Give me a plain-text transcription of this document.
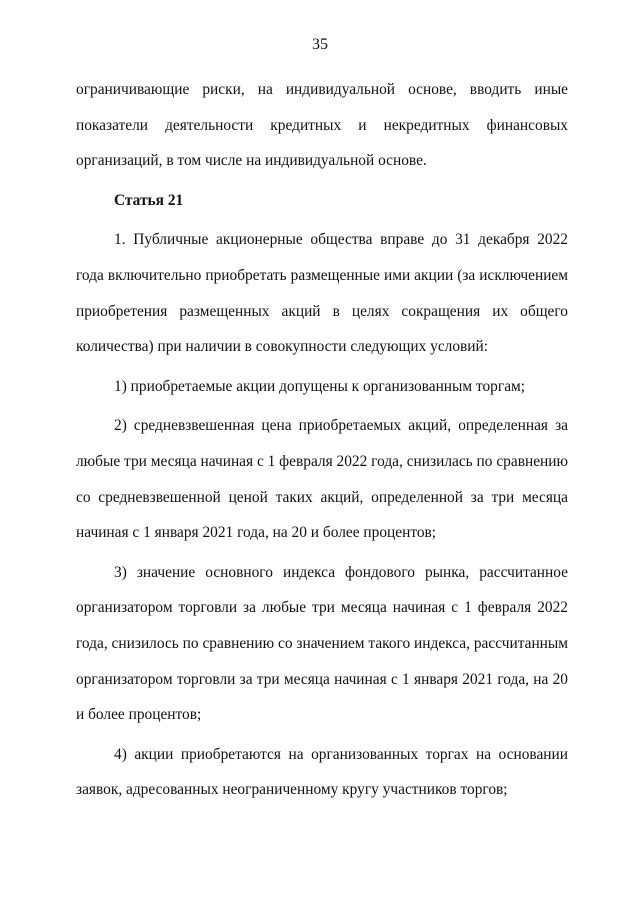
35

ограничивающие риски, на индивидуальной основе, вводить иные показатели деятельности кредитных и некредитных финансовых организаций, в том числе на индивидуальной основе.

Статья 21

1. Публичные акционерные общества вправе до 31 декабря 2022 года включительно приобретать размещенные ими акции (за исключением приобретения размещенных акций в целях сокращения их общего количества) при наличии в совокупности следующих условий:

1) приобретаемые акции допущены к организованным торгам;

2) средневзвешенная цена приобретаемых акций, определенная за любые три месяца начиная с 1 февраля 2022 года, снизилась по сравнению со средневзвешенной ценой таких акций, определенной за три месяца начиная с 1 января 2021 года, на 20 и более процентов;

3) значение основного индекса фондового рынка, рассчитанное организатором торговли за любые три месяца начиная с 1 февраля 2022 года, снизилось по сравнению со значением такого индекса, рассчитанным организатором торговли за три месяца начиная с 1 января 2021 года, на 20 и более процентов;

4) акции приобретаются на организованных торгах на основании заявок, адресованных неограниченному кругу участников торгов;
